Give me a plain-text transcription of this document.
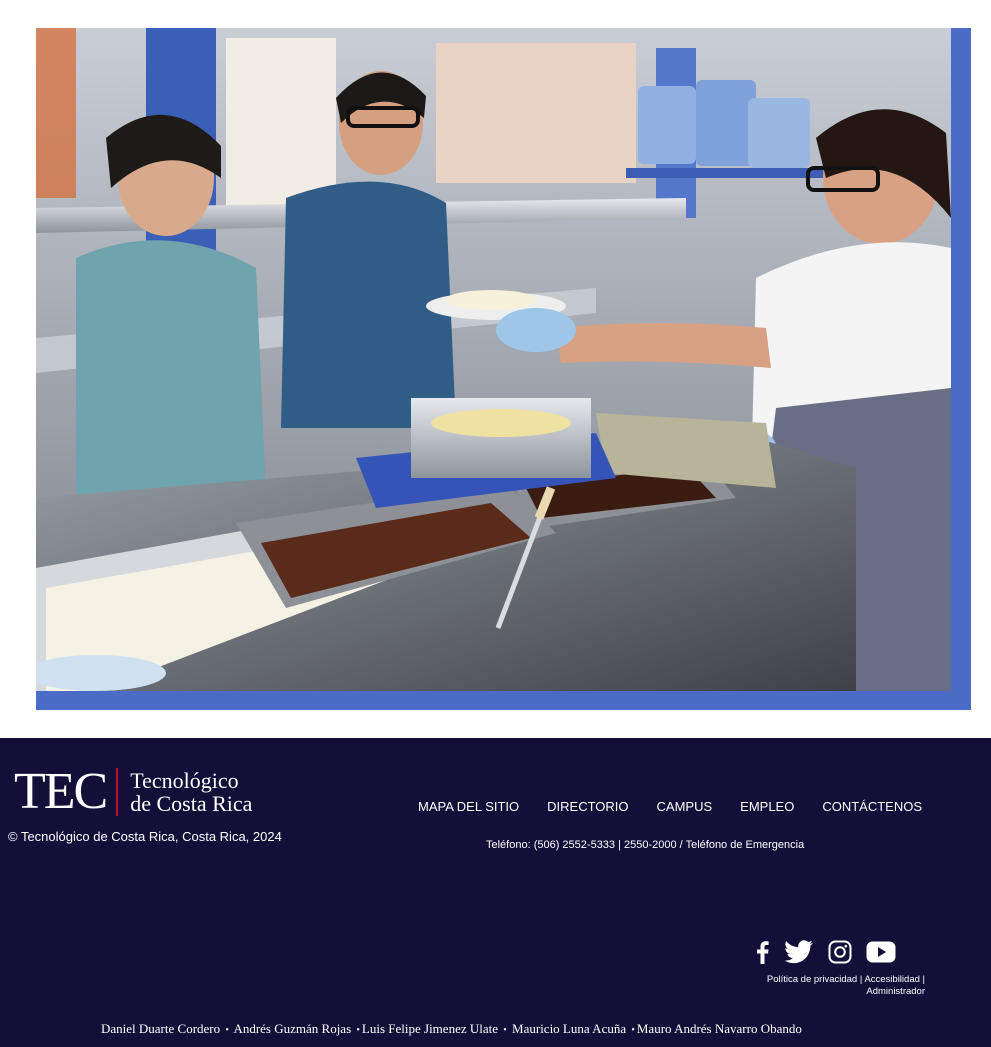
TEC Tecnológico
de Costa Rica
© Tecnológico de Costa Rica, Costa Rica, 2024
MAPA DEL SITIO DIRECTORIO CAMPUS EMPLEO CONTÁCTENOS
Teléfono: (506) 2552-5333 | 2550-2000 / Teléfono de Emergencia
Política de privacidad | Accesibilidad |
Administrador
Daniel Duarte Cordero • Andrés Guzmán Rojas • Luis Felipe Jimenez Ulate • Mauricio Luna Acuña • Mauro Andrés Navarro Obando
